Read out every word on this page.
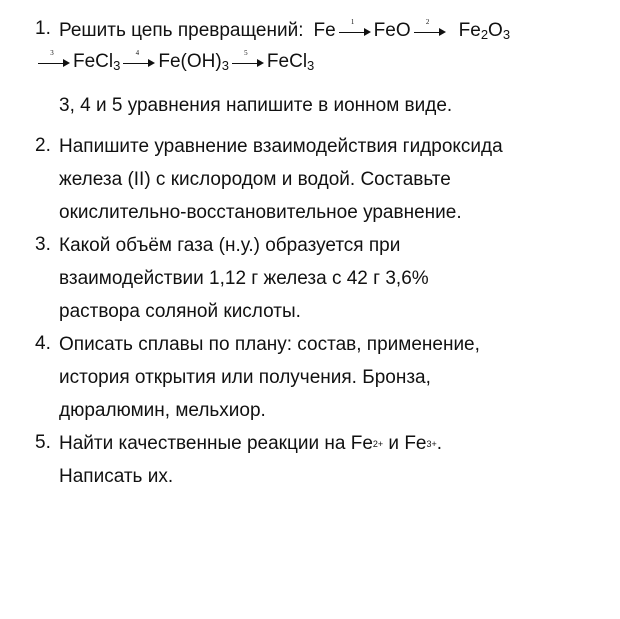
1. Решить цепь превращений: Fe	1	FeO	2	$Fe_2O_3$
3	FeCl$_3$
4	$Fe(OH)_3$
5	FeCl$_3$
3, 4 и 5 уравнения напишите в ионном виде.
2. Напишите уравнение взаимодействия гидроксида
железа (II) с кислородом и водой. Составьте
окислительно-восстановительное уравнение.
3. Какой объём газа (н.у.) образуется при
взаимодействии 1,12 г железа с 42 г 3,6%
раствора соляной кислоты.
4. Описать сплавы по плану: состав, применение,
история открытия или получения. Бронза,
дюралюмин, мельхиор.
5. Найти качественные реакции на Fe 2+ и Fe 3+ .
Написать их.
